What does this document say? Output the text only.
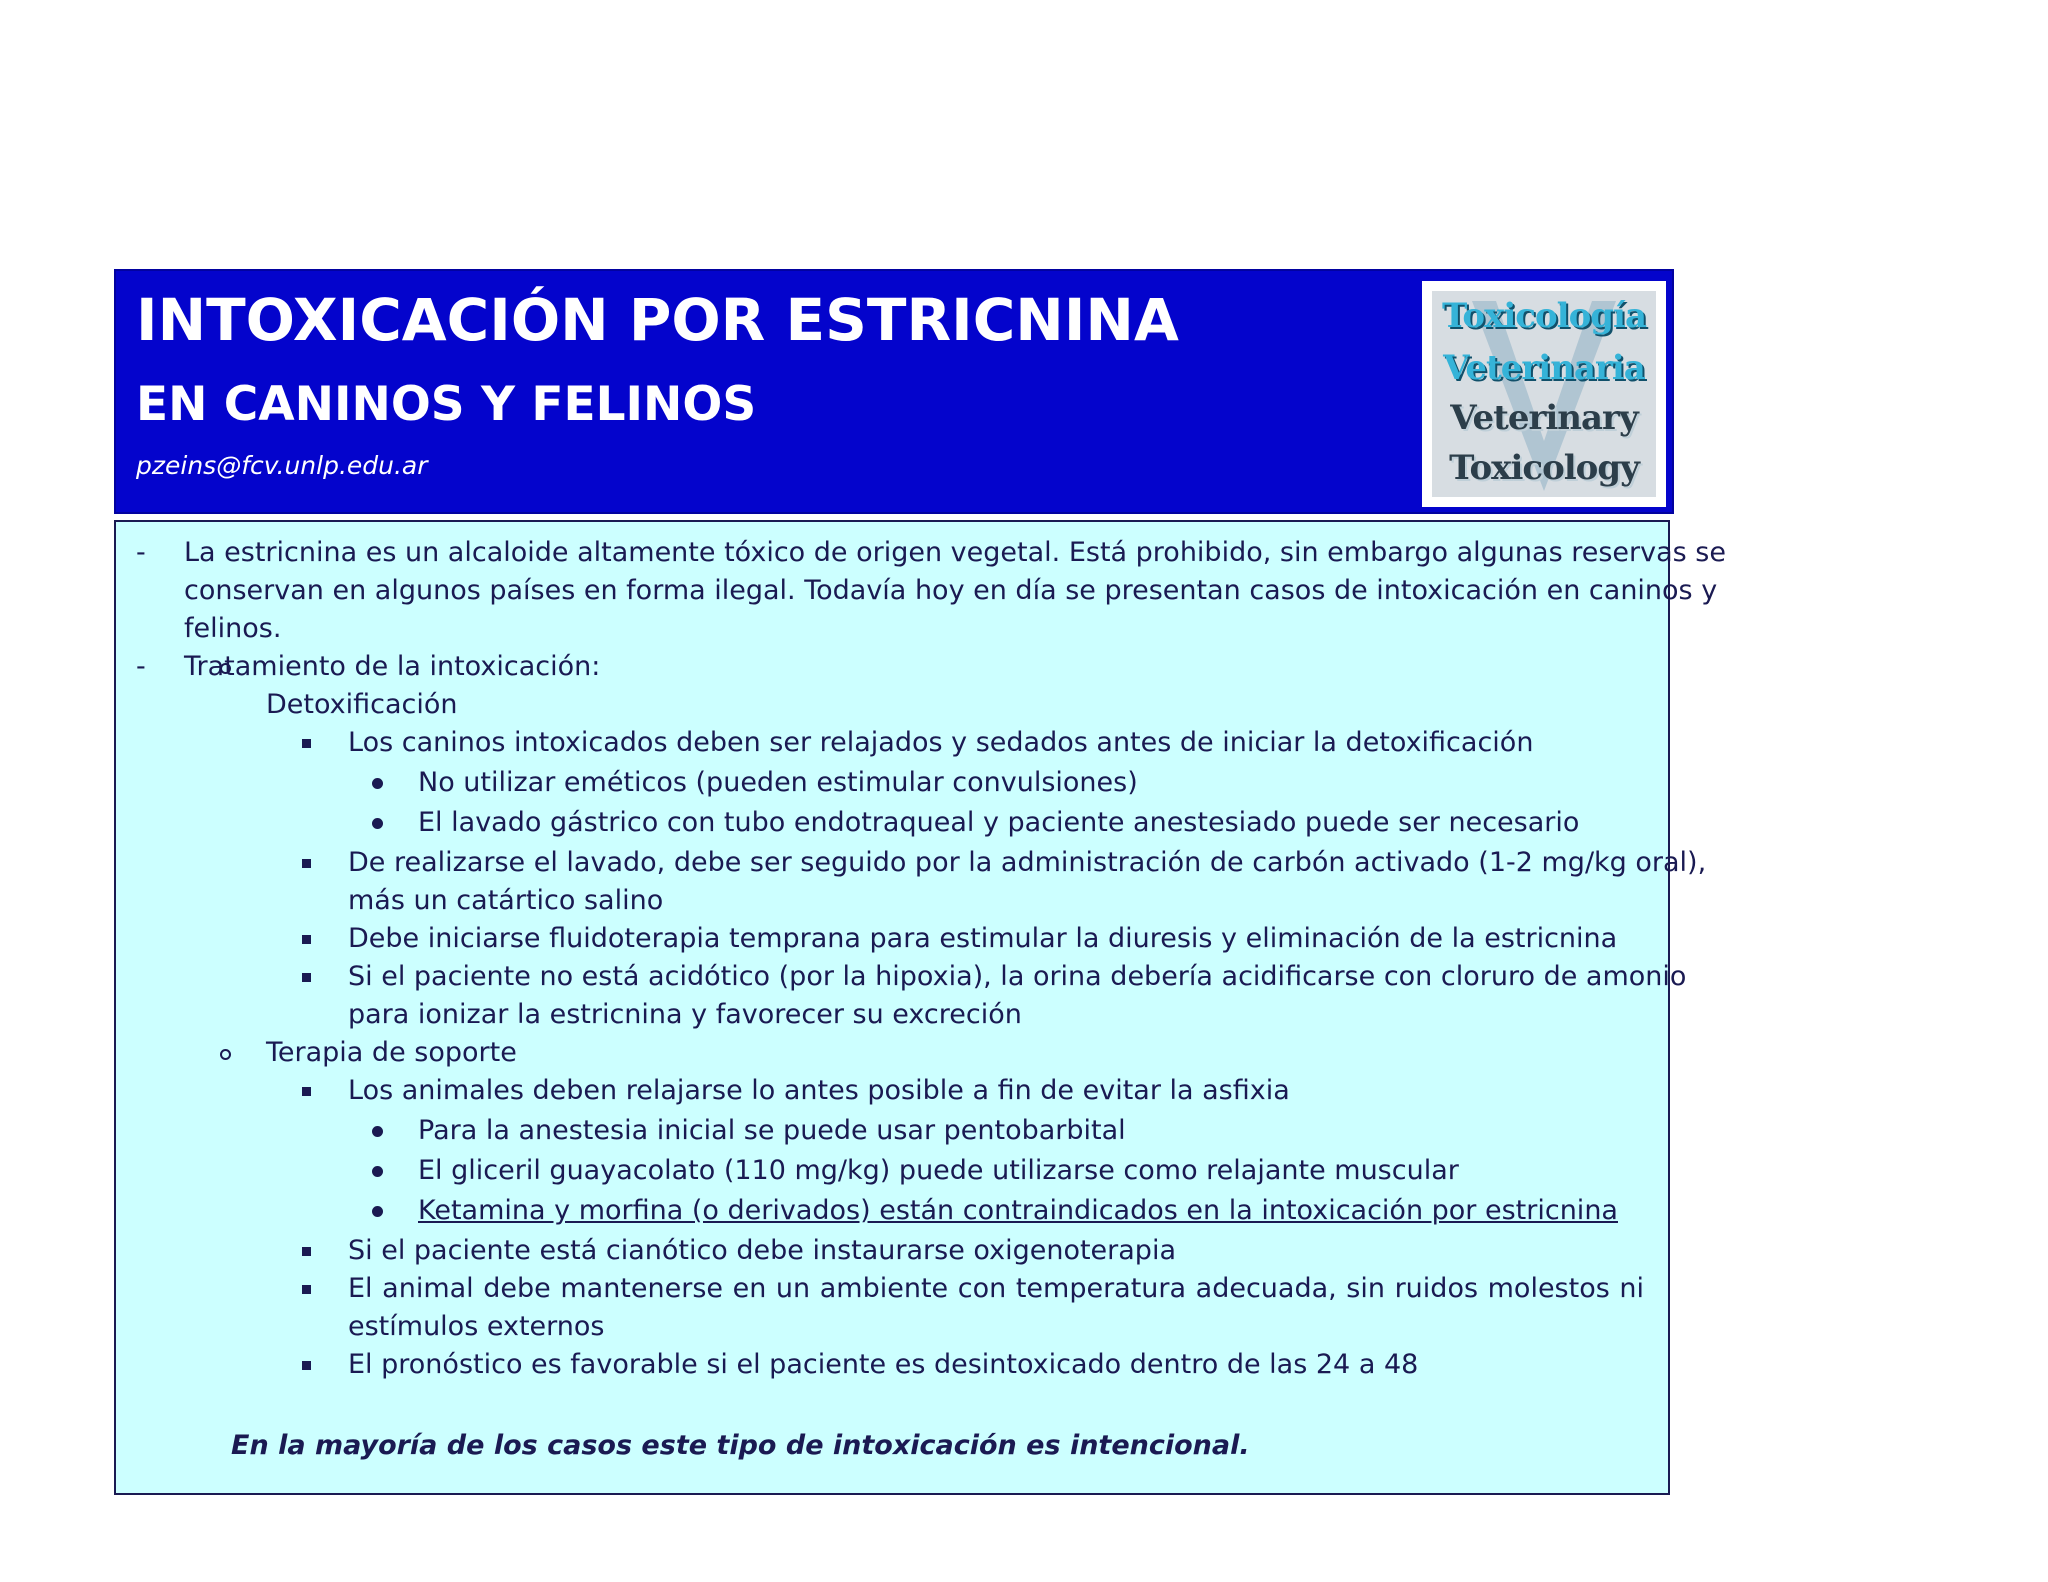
INTOXICACIÓN POR ESTRICNINA
EN CANINOS Y FELINOS
pzeins@fcv.unlp.edu.ar
Toxicología
Veterinaria
Veterinary
Toxicology
- La estricnina es un alcaloide altamente tóxico de origen vegetal. Está prohibido, sin embargo algunas reservas se
conservan en algunos países en forma ilegal. Todavía hoy en día se presentan casos de intoxicación en caninos y
felinos.
- Tratamiento de la intoxicación:
Detoxificación
Los caninos intoxicados deben ser relajados y sedados antes de iniciar la detoxificación
No utilizar eméticos (pueden estimular convulsiones)
El lavado gástrico con tubo endotraqueal y paciente anestesiado puede ser necesario
De realizarse el lavado, debe ser seguido por la administración de carbón activado (1-2 mg/kg oral),
más un catártico salino
Debe iniciarse fluidoterapia temprana para estimular la diuresis y eliminación de la estricnina
Si el paciente no está acidótico (por la hipoxia), la orina debería acidificarse con cloruro de amonio
para ionizar la estricnina y favorecer su excreción
Terapia de soporte
Los animales deben relajarse lo antes posible a fin de evitar la asfixia
Para la anestesia inicial se puede usar pentobarbital
El gliceril guayacolato (110 mg/kg) puede utilizarse como relajante muscular
Ketamina y morfina (o derivados) están contraindicados en la intoxicación por estricnina
Si el paciente está cianótico debe instaurarse oxigenoterapia
El animal debe mantenerse en un ambiente con temperatura adecuada, sin ruidos molestos ni
estímulos externos
El pronóstico es favorable si el paciente es desintoxicado dentro de las 24 a 48
En la mayoría de los casos este tipo de intoxicación es intencional.
